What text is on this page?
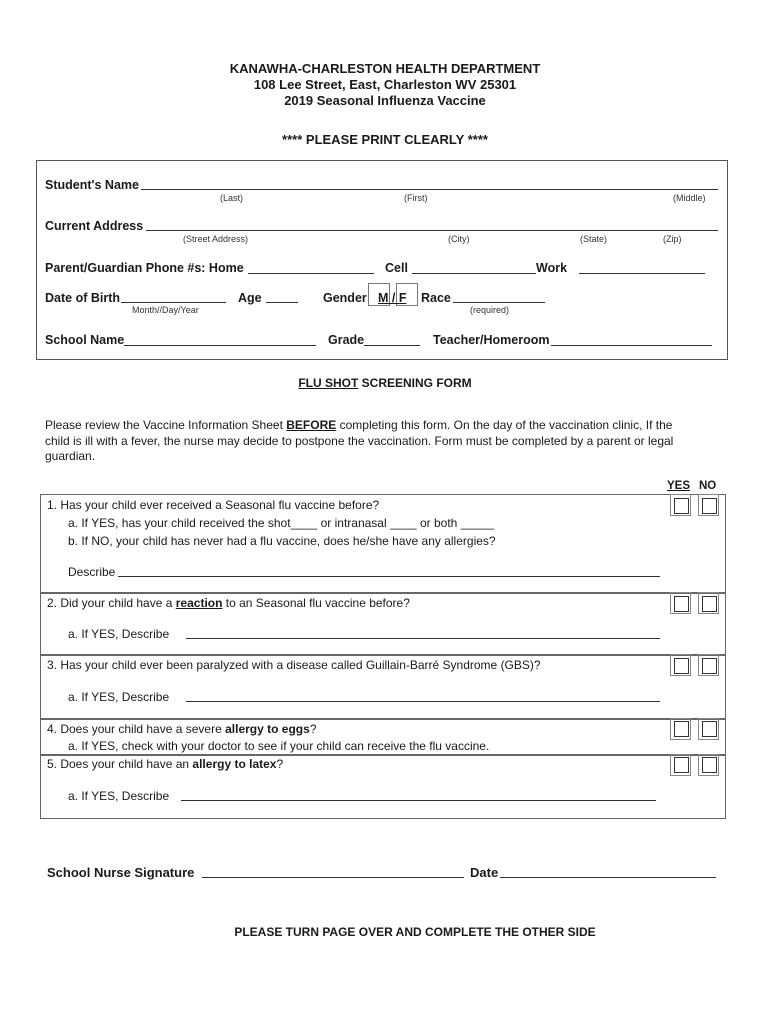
KANAWHA-CHARLESTON HEALTH DEPARTMENT
108 Lee Street, East, Charleston WV 25301
2019 Seasonal Influenza Vaccine
**** PLEASE PRINT CLEARLY ****
Student's Name
(Last)	(First)	(Middle)
Current Address
(Street Address)	(City)	(State)	(Zip)
Parent/Guardian Phone #s: Home	Cell	Work
Date of Birth
Month//Day/Year
Age	Gender M / F Race
(required)
School Name	Grade	Teacher/Homeroom
FLU SHOT SCREENING FORM
Please review the Vaccine Information Sheet BEFORE completing this form. On the day of the vaccination clinic, If the
child is ill with a fever, the nurse may decide to postpone the vaccination. Form must be completed by a parent or legal
guardian.
YES NO
1. Has your child ever received a Seasonal flu vaccine before?
a. If YES, has your child received the shot____ or intranasal ____ or both _____
b. If NO, your child has never had a flu vaccine, does he/she have any allergies?
Describe
2. Did your child have a reaction to an Seasonal flu vaccine before?
a. If YES, Describe
3. Has your child ever been paralyzed with a disease called Guillain-Barré Syndrome (GBS)?
a. If YES, Describe
4. Does your child have a severe allergy to eggs?
a. If YES, check with your doctor to see if your child can receive the flu vaccine.
5. Does your child have an allergy to latex?
a. If YES, Describe
School Nurse Signature	Date
PLEASE TURN PAGE OVER AND COMPLETE THE OTHER SIDE
